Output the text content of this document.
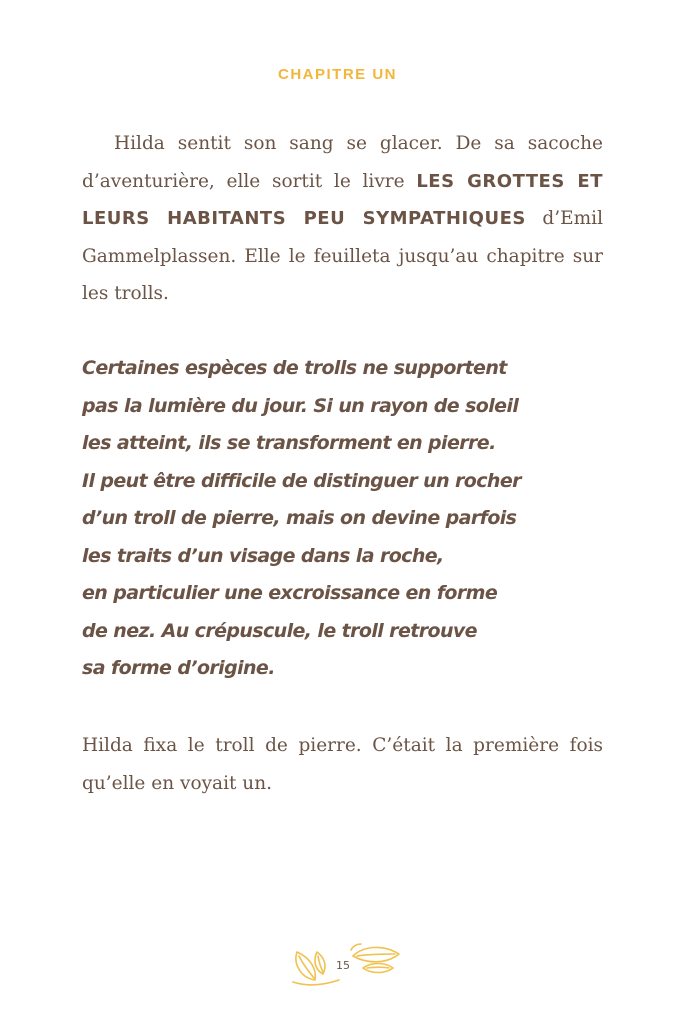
CHAPITRE UN

Hilda sentit son sang se glacer. De sa sacoche d’aventurière, elle sortit le livre LES GROTTES ET LEURS HABITANTS PEU SYMPATHIQUES d’Emil Gammelplassen. Elle le feuilleta jusqu’au chapitre sur les trolls.

Certaines espèces de trolls ne supportent
pas la lumière du jour. Si un rayon de soleil
les atteint, ils se transforment en pierre.
Il peut être difficile de distinguer un rocher
d’un troll de pierre, mais on devine parfois
les traits d’un visage dans la roche,
en particulier une excroissance en forme
de nez. Au crépuscule, le troll retrouve
sa forme d’origine.

Hilda fixa le troll de pierre. C’était la première fois qu’elle en voyait un.

15
